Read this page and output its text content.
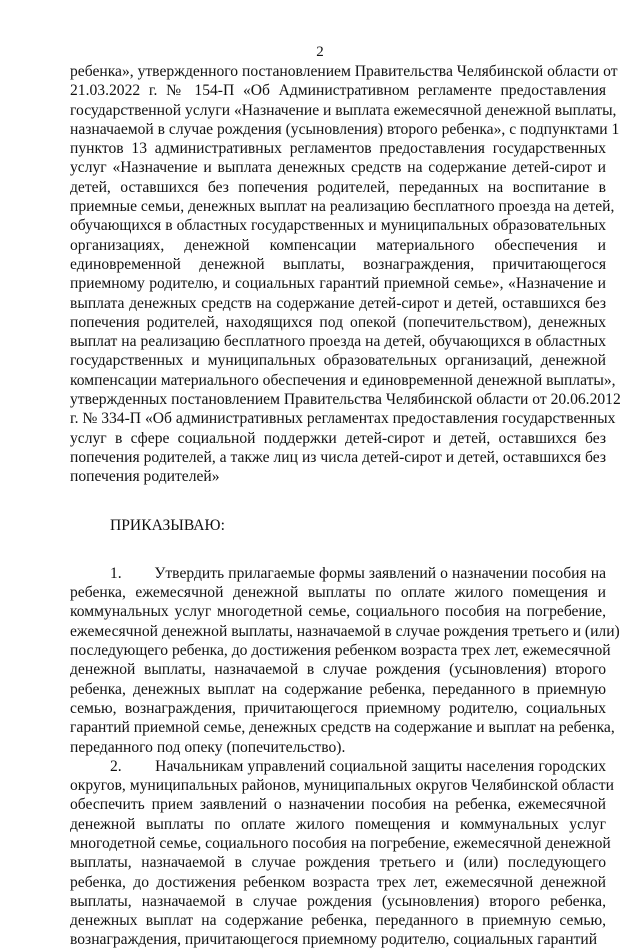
2
ребенка», утвержденного постановлением Правительства Челябинской области от
21.03.2022 г. № 154-П «Об Административном регламенте предоставления
государственной услуги «Назначение и выплата ежемесячной денежной выплаты,
назначаемой в случае рождения (усыновления) второго ребенка», с подпунктами 1
пунктов 13 административных регламентов предоставления государственных
услуг «Назначение и выплата денежных средств на содержание детей-сирот и
детей, оставшихся без попечения родителей, переданных на воспитание в
приемные семьи, денежных выплат на реализацию бесплатного проезда на детей,
обучающихся в областных государственных и муниципальных образовательных
организациях, денежной компенсации материального обеспечения и
единовременной денежной выплаты, вознаграждения, причитающегося
приемному родителю, и социальных гарантий приемной семье», «Назначение и
выплата денежных средств на содержание детей-сирот и детей, оставшихся без
попечения родителей, находящихся под опекой (попечительством), денежных
выплат на реализацию бесплатного проезда на детей, обучающихся в областных
государственных и муниципальных образовательных организаций, денежной
компенсации материального обеспечения и единовременной денежной выплаты»,
утвержденных постановлением Правительства Челябинской области от 20.06.2012
г. № 334-П «Об административных регламентах предоставления государственных
услуг в сфере социальной поддержки детей-сирот и детей, оставшихся без
попечения родителей, а также лиц из числа детей-сирот и детей, оставшихся без
попечения родителей»
ПРИКАЗЫВАЮ:
1.        Утвердить прилагаемые формы заявлений о назначении пособия на
ребенка, ежемесячной денежной выплаты по оплате жилого помещения и
коммунальных услуг многодетной семье, социального пособия на погребение,
ежемесячной денежной выплаты, назначаемой в случае рождения третьего и (или)
последующего ребенка, до достижения ребенком возраста трех лет, ежемесячной
денежной выплаты, назначаемой в случае рождения (усыновления) второго
ребенка, денежных выплат на содержание ребенка, переданного в приемную
семью, вознаграждения, причитающегося приемному родителю, социальных
гарантий приемной семье, денежных средств на содержание и выплат на ребенка,
переданного под опеку (попечительство).
2.        Начальникам управлений социальной защиты населения городских
округов, муниципальных районов, муниципальных округов Челябинской области
обеспечить прием заявлений о назначении пособия на ребенка, ежемесячной
денежной выплаты по оплате жилого помещения и коммунальных услуг
многодетной семье, социального пособия на погребение, ежемесячной денежной
выплаты, назначаемой в случае рождения третьего и (или) последующего
ребенка, до достижения ребенком возраста трех лет, ежемесячной денежной
выплаты, назначаемой в случае рождения (усыновления) второго ребенка,
денежных выплат на содержание ребенка, переданного в приемную семью,
вознаграждения, причитающегося приемному родителю, социальных гарантий
